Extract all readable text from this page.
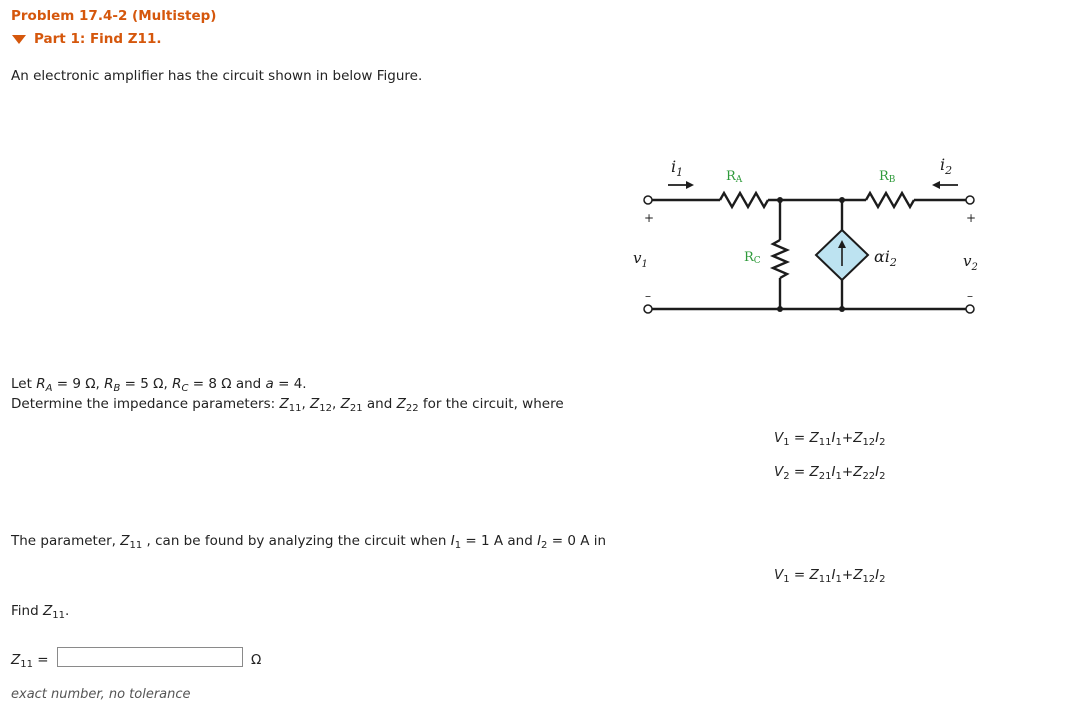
Problem 17.4-2 (Multistep)
Part 1: Find Z11.
An electronic amplifier has the circuit shown in below Figure.
$i_1$	$i_2$
RA	RB
RC	$\alpha i_2$
$v_1$	$v_2$
+	+
–	–
Let $R_A = 9$ Ω, $R_B = 5$ Ω, $R_C = 8$ Ω and a = 4.
Determine the impedance parameters: $Z_{11}$, $Z_{12}$, $Z_{21}$ and $Z_{22}$ for the circuit, where
$V_1 = Z_{11}I_1+Z_{12}I_2$
$V_2 = Z_{21}I_1+Z_{22}I_2$
The parameter, $Z_{11}$ , can be found by analyzing the circuit when $I_1 = 1$ A and $I_2 = 0$ A in
$V_1 = Z_{11}I_1+Z_{12}I_2$
Find $Z_{11}$.
$Z_{11}$ =	Ω
exact number, no tolerance
